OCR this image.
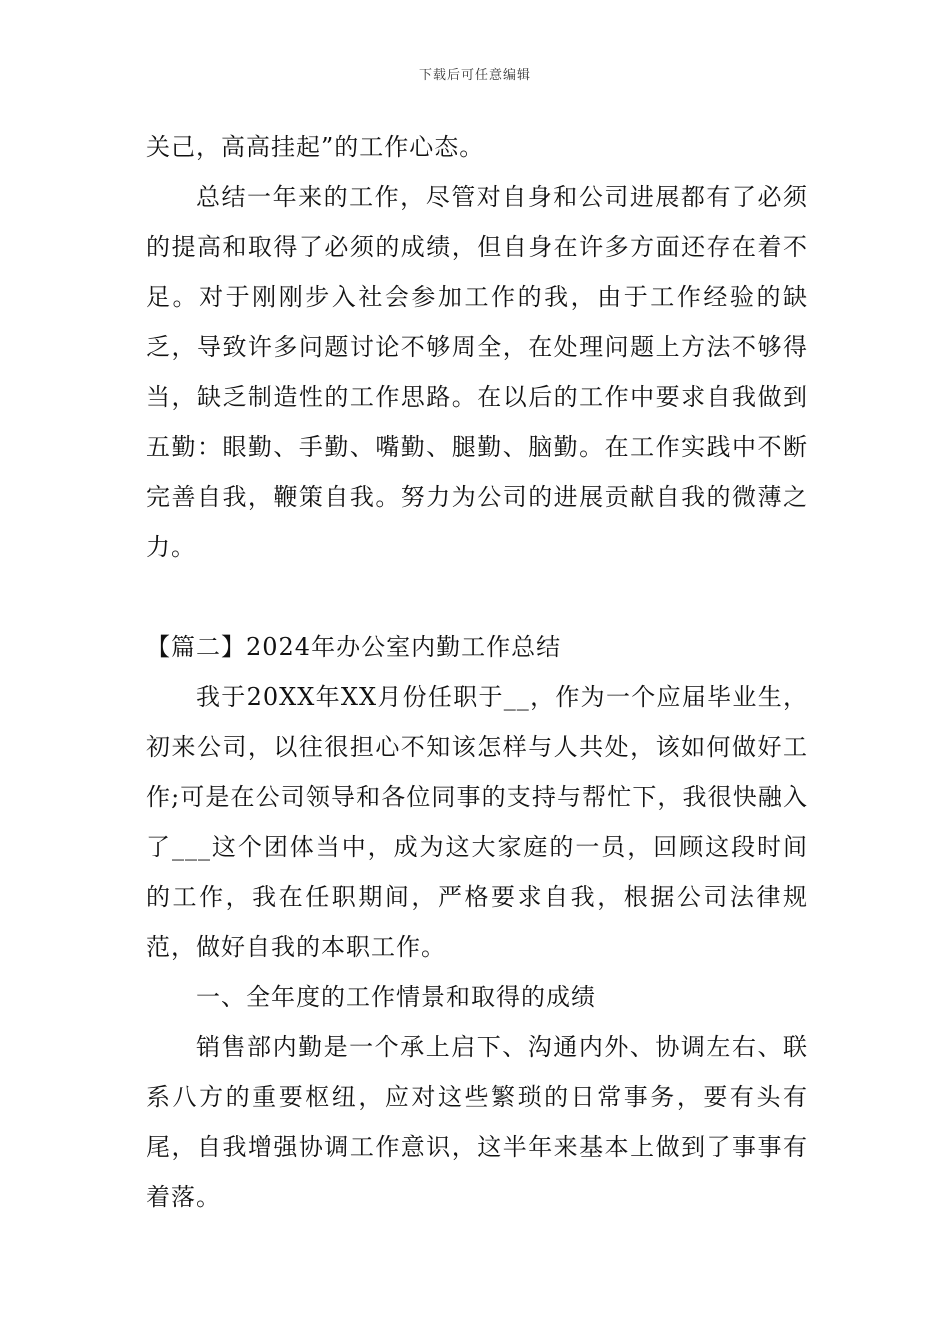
下载后可任意编辑

关己，高高挂起”的工作心态。

总结一年来的工作，尽管对自身和公司进展都有了必须的提高和取得了必须的成绩，但自身在许多方面还存在着不足。对于刚刚步入社会参加工作的我，由于工作经验的缺乏，导致许多问题讨论不够周全，在处理问题上方法不够得当，缺乏制造性的工作思路。在以后的工作中要求自我做到五勤：眼勤、手勤、嘴勤、腿勤、脑勤。在工作实践中不断完善自我，鞭策自我。努力为公司的进展贡献自我的微薄之力。

【篇二】2024年办公室内勤工作总结

我于20XX年XX月份任职于__，作为一个应届毕业生，初来公司，以往很担心不知该怎样与人共处，该如何做好工作;可是在公司领导和各位同事的支持与帮忙下，我很快融入了___这个团体当中，成为这大家庭的一员，回顾这段时间的工作，我在任职期间，严格要求自我，根据公司法律规范，做好自我的本职工作。

一、全年度的工作情景和取得的成绩

销售部内勤是一个承上启下、沟通内外、协调左右、联系八方的重要枢纽，应对这些繁琐的日常事务，要有头有尾，自我增强协调工作意识，这半年来基本上做到了事事有着落。
